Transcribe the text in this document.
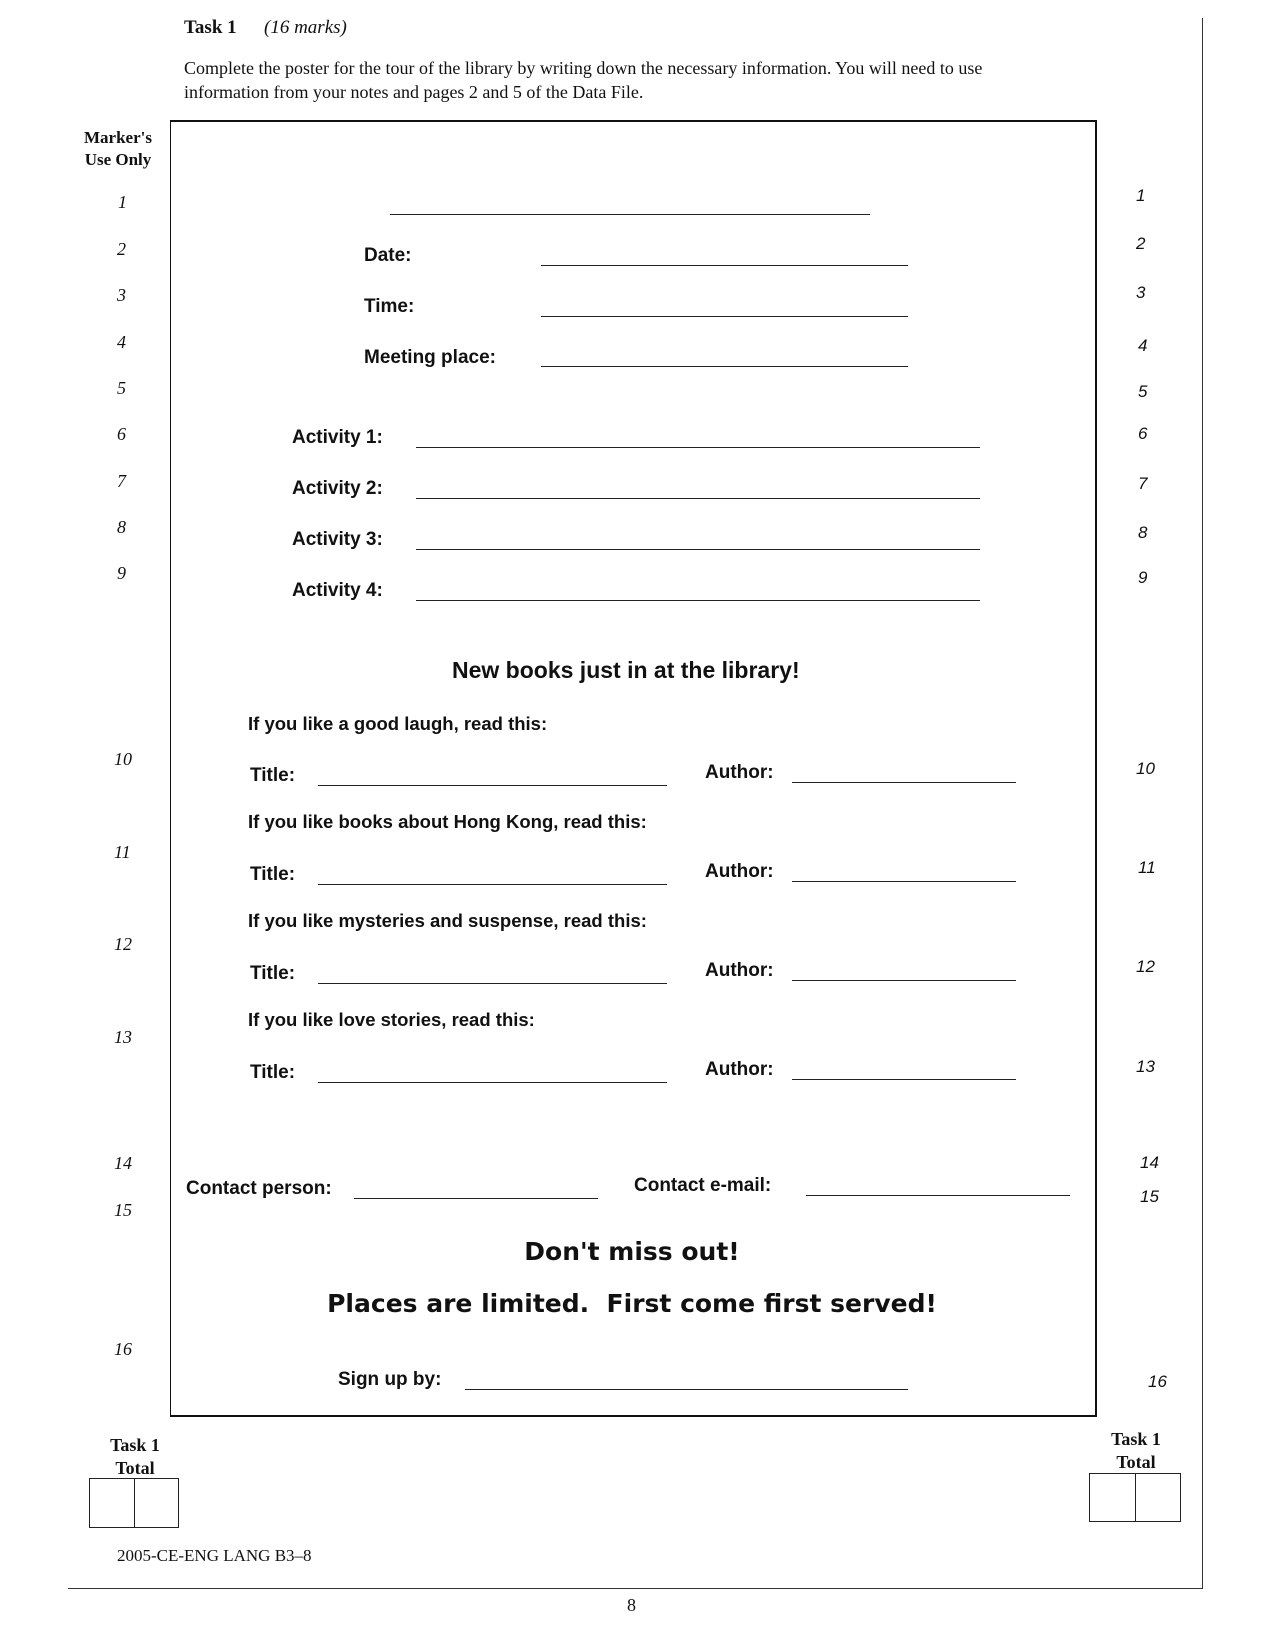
Task 1 (16 marks)
Complete the poster for the tour of the library by writing down the necessary information. You will need to use
information from your notes and pages 2 and 5 of the Data File.
Marker's
Use Only
1
2
3
4
5
6
7
8
9
10
11
12
13
14
15
16
1
2
3
4
5
6
7
8
9
10
11
12
13
14
15
16
Date:
Time:
Meeting place:
Activity 1:
Activity 2:
Activity 3:
Activity 4:
New books just in at the library!
If you like a good laugh, read this:
Title:	Author:
If you like books about Hong Kong, read this:
Title:	Author:
If you like mysteries and suspense, read this:
Title:	Author:
If you like love stories, read this:
Title:	Author:
Contact person:	Contact e-mail:
Don't miss out!
Places are limited.  First come first served!
Sign up by:
Task 1
Total
Task 1
Total
2005-CE-ENG LANG B3–8
8
